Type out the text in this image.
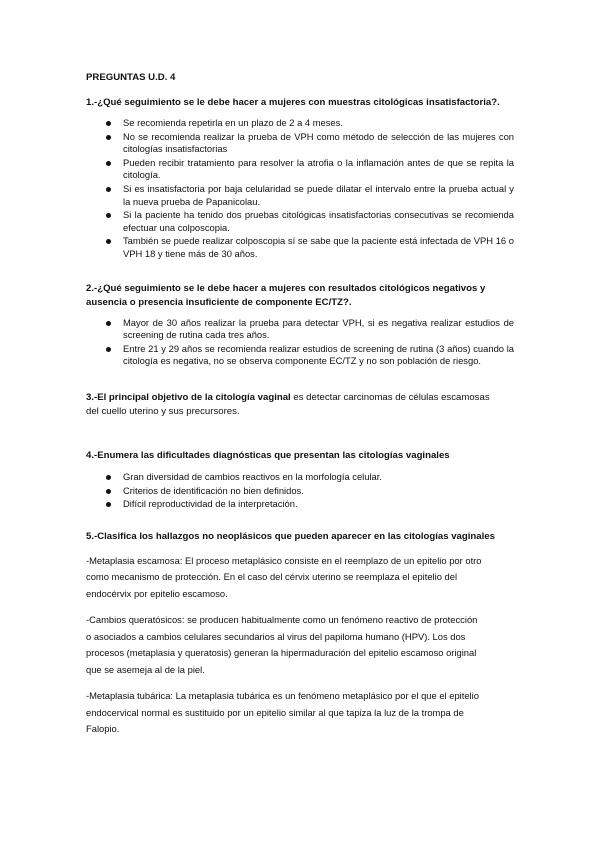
PREGUNTAS U.D. 4

1.-¿Qué seguimiento se le debe hacer a mujeres con muestras citológicas insatisfactoria?.

Se recomienda repetirla en un plazo de 2 a 4 meses.
No se recomienda realizar la prueba de VPH como método de selección de las mujeres con citologías insatisfactorias
Pueden recibir tratamiento para resolver la atrofia o la inflamación antes de que se repita la citología.
Si es insatisfactoria por baja celularidad se puede dilatar el intervalo entre la prueba actual y la nueva prueba de Papanicolau.
Si la paciente ha tenido dos pruebas citológicas insatisfactorias consecutivas se recomienda efectuar una colposcopia.
También se puede realizar colposcopia sí se sabe que la paciente está infectada de VPH 16 o VPH 18 y tiene más de 30 años.

2.-¿Qué seguimiento se le debe hacer a mujeres con resultados citológicos negativos y
ausencia o presencia insuficiente de componente EC/TZ?.

Mayor de 30 años realizar la prueba para detectar VPH, si es negativa realizar estudios de screening de rutina cada tres años.
Entre 21 y 29 años se recomienda realizar estudios de screening de rutina (3 años) cuando la citología es negativa, no se observa componente EC/TZ y no son población de riesgo.

3.-El principal objetivo de la citología vaginal es detectar carcinomas de células escamosas
del cuello uterino y sus precursores.

4.-Enumera las dificultades diagnósticas que presentan las citologías vaginales

Gran diversidad de cambios reactivos en la morfología celular.
Criterios de identificación no bien definidos.
Difícil reproductividad de la interpretación.

5.-Clasifica los hallazgos no neoplásicos que pueden aparecer en las citologías vaginales

-Metaplasia escamosa: El proceso metaplásico consiste en el reemplazo de un epitelio por otro
como mecanismo de protección. En el caso del cérvix uterino se reemplaza el epitelio del
endocérvix por epitelio escamoso.

-Cambios queratósicos: se producen habitualmente como un fenómeno reactivo de protección
o asociados a cambios celulares secundarios al virus del papiloma humano (HPV). Los dos
procesos (metaplasia y queratosis) generan la hipermaduración del epitelio escamoso original
que se asemeja al de la piel.

-Metaplasia tubárica: La metaplasia tubárica es un fenómeno metaplásico por el que el epitelio
endocervical normal es sustituido por un epitelio similar al que tapiza la luz de la trompa de
Falopio.
